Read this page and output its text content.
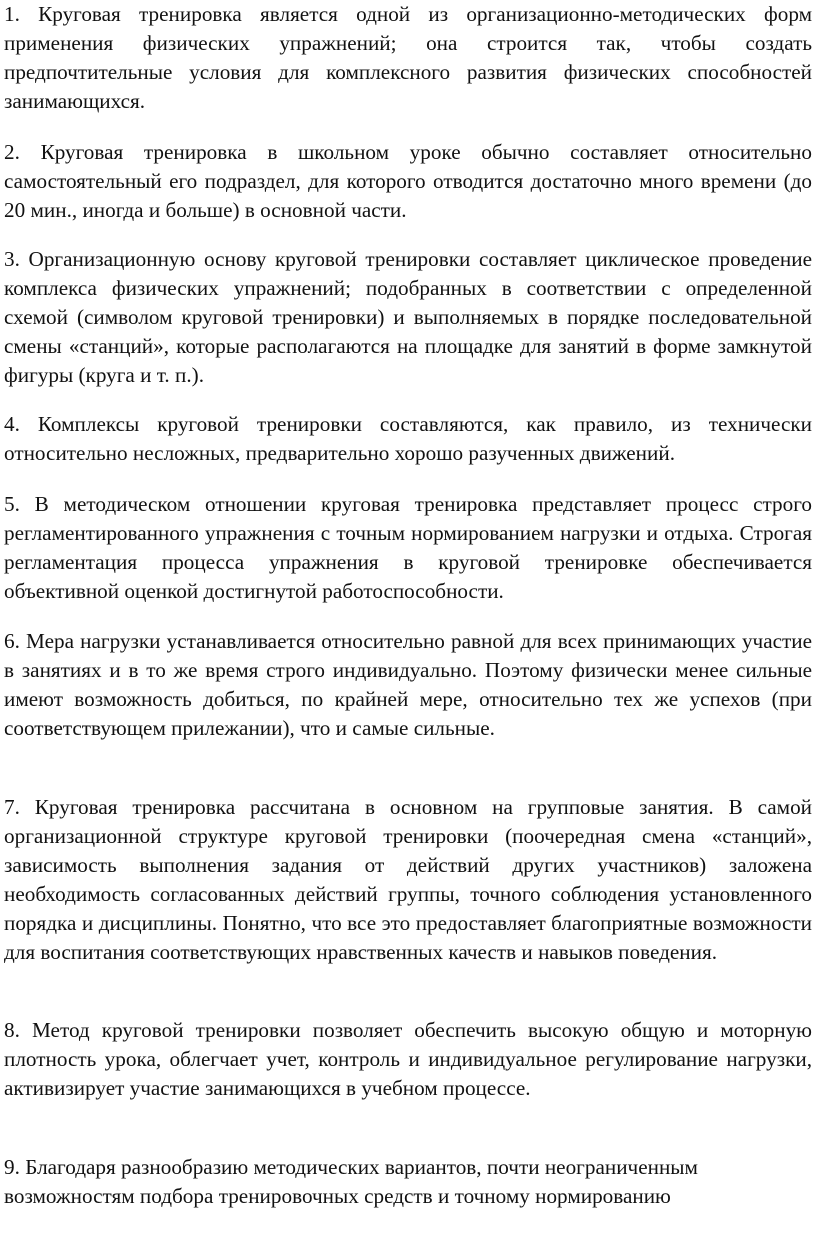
1. Круговая тренировка является одной из организационно-методических форм применения физических упражнений; она строится так, чтобы создать предпочтительные условия для комплексного развития физических способностей занимающихся.

2. Круговая тренировка в школьном уроке обычно составляет относительно самостоятельный его подраздел, для которого отводится достаточно много времени (до 20 мин., иногда и больше) в основной части.

3. Организационную основу круговой тренировки составляет циклическое проведение комплекса физических упражнений; подобранных в соответствии с определенной схемой (символом круговой тренировки) и выполняемых в порядке последовательной смены «станций», которые располагаются на площадке для занятий в форме замкнутой фигуры (круга и т. п.).

4. Комплексы круговой тренировки составляются, как правило, из технически относительно несложных, предварительно хорошо разученных движений.

5. В методическом отношении круговая тренировка представляет процесс строго регламентированного упражнения с точным нормированием нагрузки и отдыха. Строгая регламентация процесса упражнения в круговой тренировке обеспечивается объективной оценкой достигнутой работоспособности.

6. Мера нагрузки устанавливается относительно равной для всех принимающих участие в занятиях и в то же время строго индивидуально. Поэтому физически менее сильные имеют возможность добиться, по крайней мере, относительно тех же успехов (при соответствующем прилежании), что и самые сильные.

7. Круговая тренировка рассчитана в основном на групповые занятия. В самой организационной структуре круговой тренировки (поочередная смена «станций», зависимость выполнения задания от действий других участников) заложена необходимость согласованных действий группы, точного соблюдения установленного порядка и дисциплины. Понятно, что все это предоставляет благоприятные возможности для воспитания соответствующих нравственных качеств и навыков поведения.

8. Метод круговой тренировки позволяет обеспечить высокую общую и моторную плотность урока, облегчает учет, контроль и индивидуальное регулирование нагрузки, активизирует участие занимающихся в учебном процессе.

9. Благодаря разнообразию методических вариантов, почти неограниченным возможностям подбора тренировочных средств и точному нормированию
